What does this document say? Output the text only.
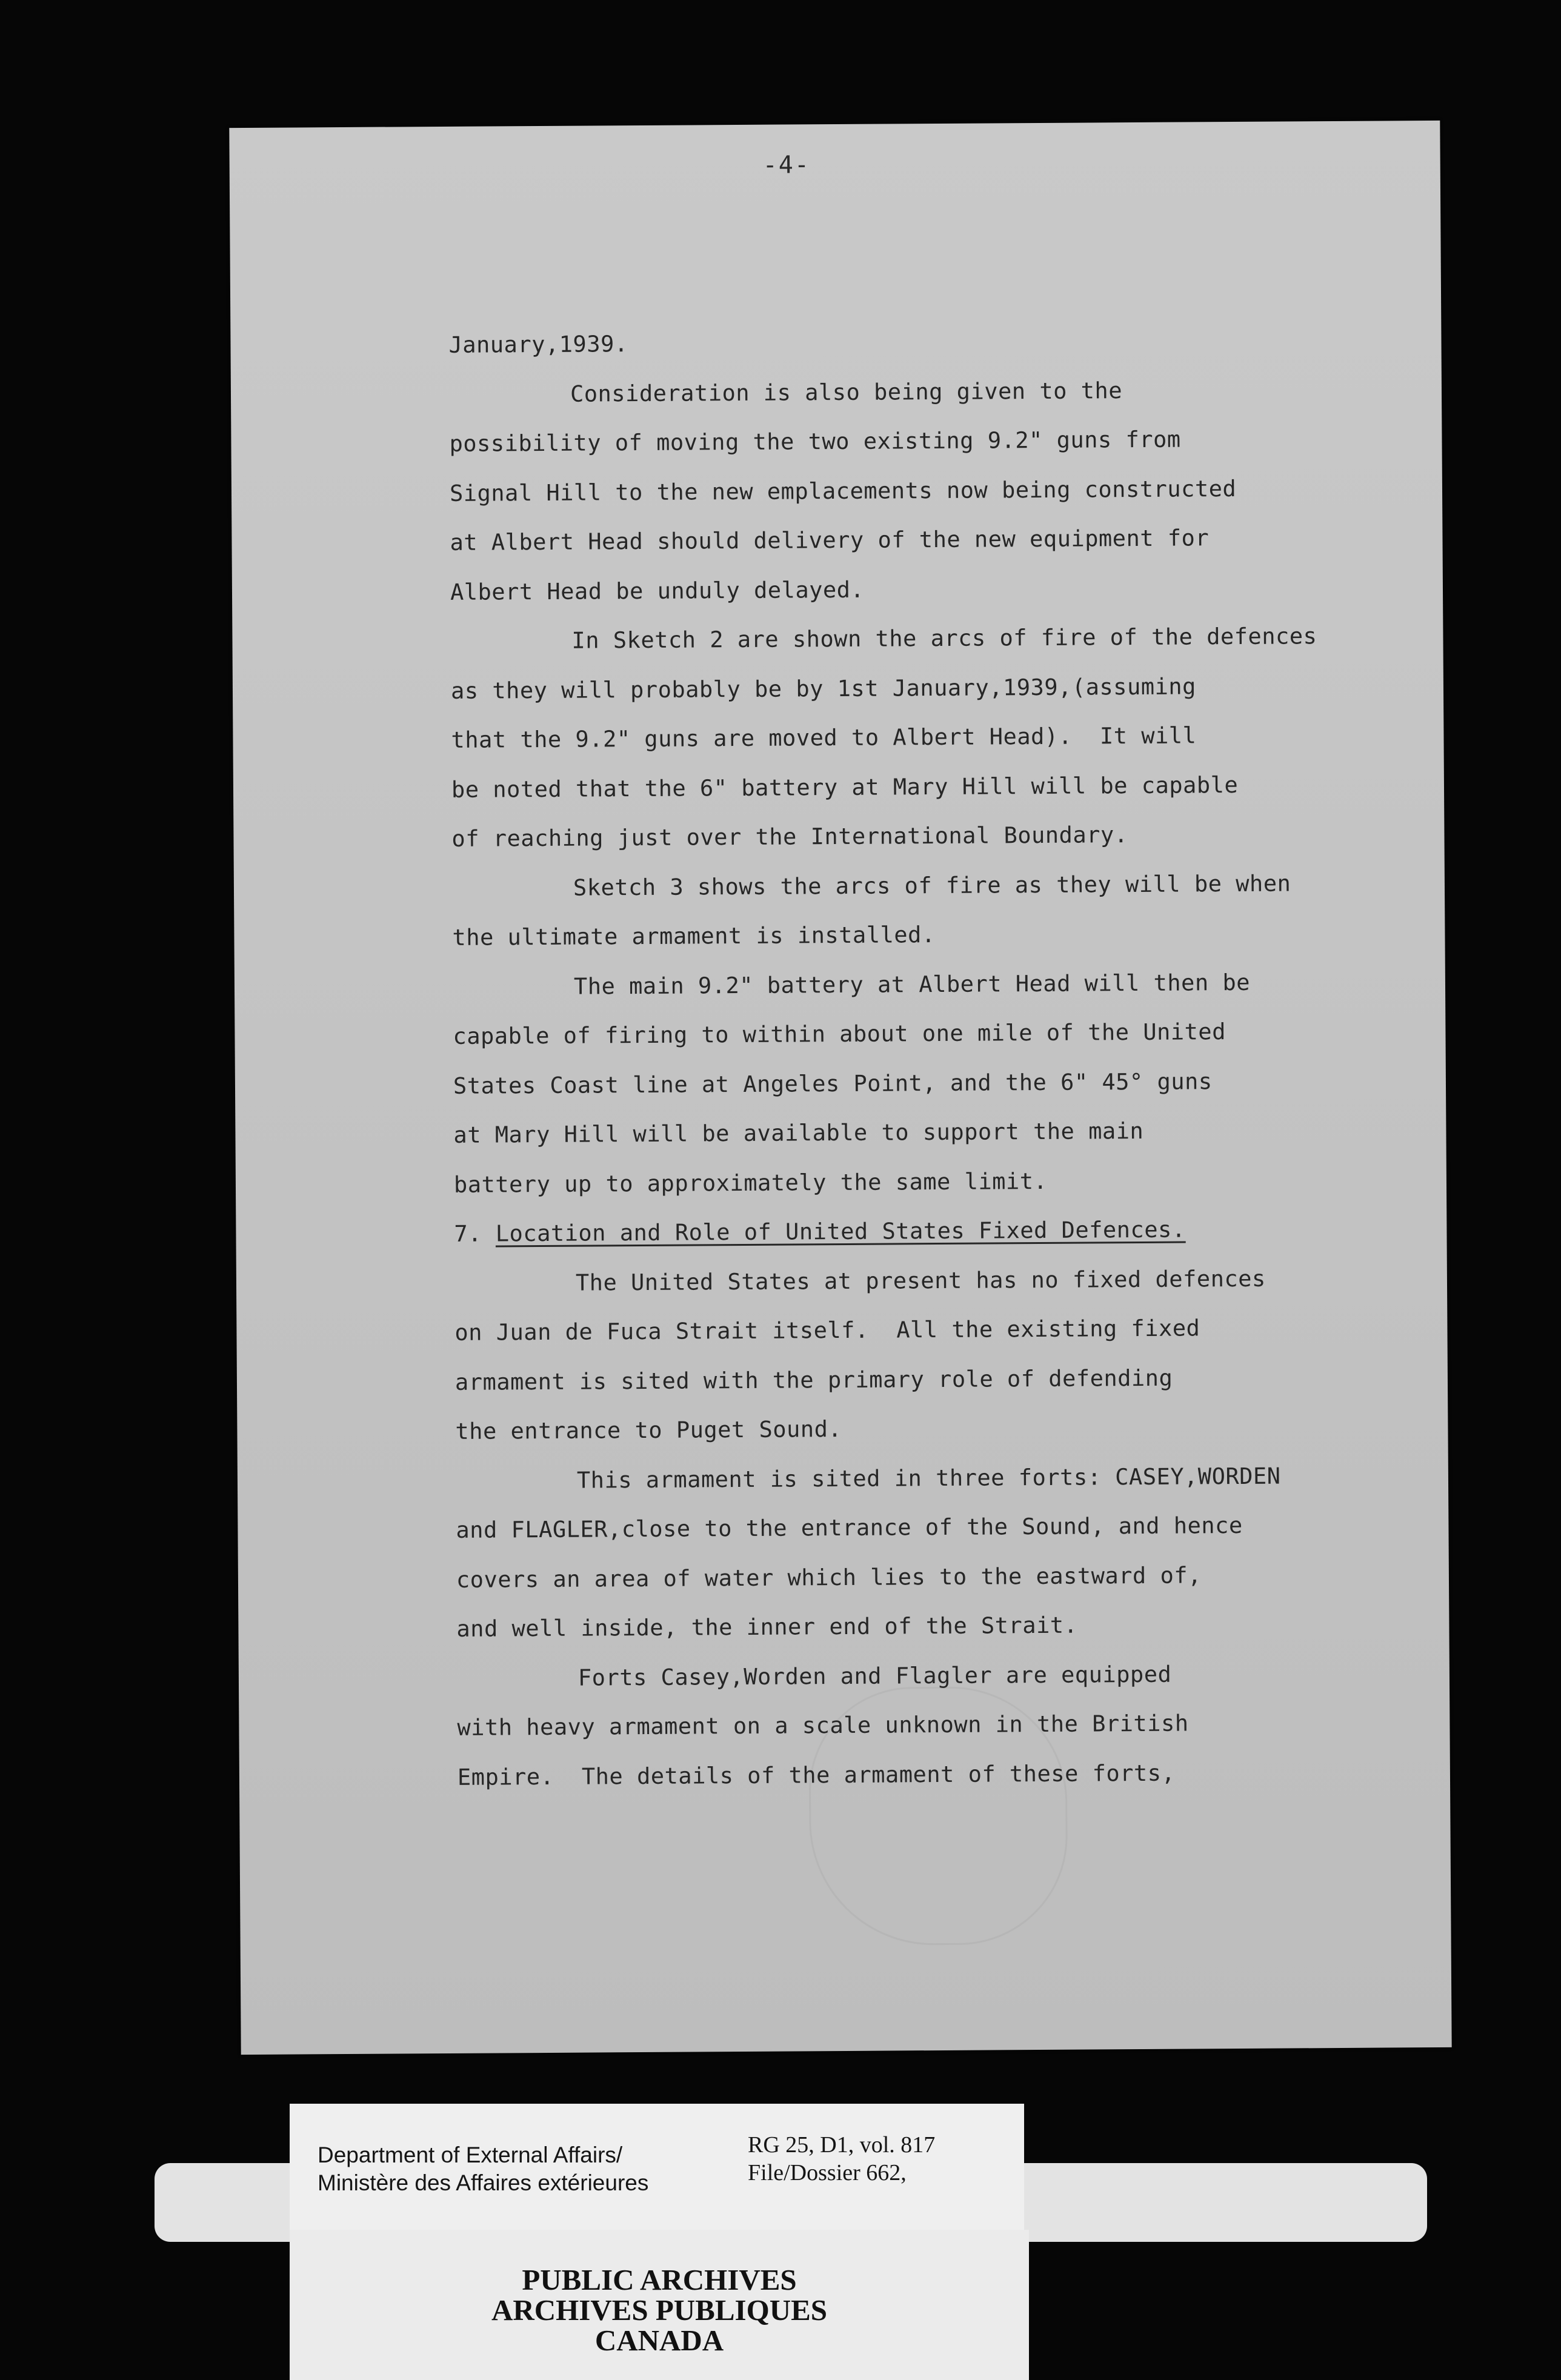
-4-
January,1939.
Consideration is also being given to the
possibility of moving the two existing 9.2" guns from
Signal Hill to the new emplacements now being constructed
at Albert Head should delivery of the new equipment for
Albert Head be unduly delayed.
In Sketch 2 are shown the arcs of fire of the defences
as they will probably be by 1st January,1939,(assuming
that the 9.2" guns are moved to Albert Head).  It will
be noted that the 6" battery at Mary Hill will be capable
of reaching just over the International Boundary.
Sketch 3 shows the arcs of fire as they will be when
the ultimate armament is installed.
The main 9.2" battery at Albert Head will then be
capable of firing to within about one mile of the United
States Coast line at Angeles Point, and the 6" 45° guns
at Mary Hill will be available to support the main
battery up to approximately the same limit.
7. Location and Role of United States Fixed Defences.
The United States at present has no fixed defences
on Juan de Fuca Strait itself.  All the existing fixed
armament is sited with the primary role of defending
the entrance to Puget Sound.
This armament is sited in three forts: CASEY,WORDEN
and FLAGLER,close to the entrance of the Sound, and hence
covers an area of water which lies to the eastward of,
and well inside, the inner end of the Strait.
Forts Casey,Worden and Flagler are equipped
with heavy armament on a scale unknown in the British
Empire.  The details of the armament of these forts,
Department of External Affairs/
Ministère des Affaires extérieures
RG 25, D1, vol. 817
File/Dossier 662,
PUBLIC ARCHIVES
ARCHIVES PUBLIQUES
CANADA
